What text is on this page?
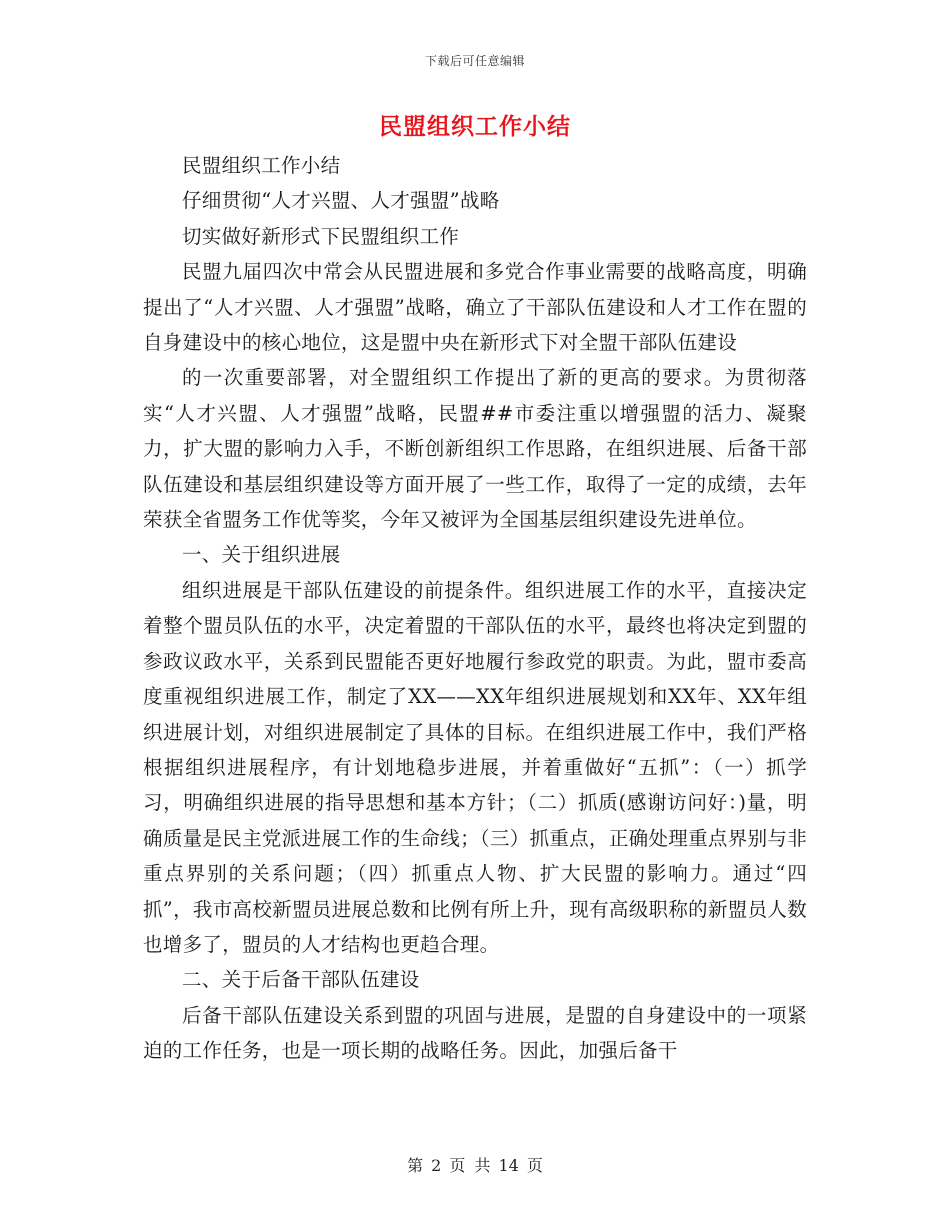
下载后可任意编辑
民盟组织工作小结

民盟组织工作小结

仔细贯彻“人才兴盟、人才强盟”战略

切实做好新形式下民盟组织工作

民盟九届四次中常会从民盟进展和多党合作事业需要的战略高度，明确提出了“人才兴盟、人才强盟”战略，确立了干部队伍建设和人才工作在盟的自身建设中的核心地位，这是盟中央在新形式下对全盟干部队伍建设

的一次重要部署，对全盟组织工作提出了新的更高的要求。为贯彻落实“人才兴盟、人才强盟”战略，民盟##市委注重以增强盟的活力、凝聚力，扩大盟的影响力入手，不断创新组织工作思路，在组织进展、后备干部队伍建设和基层组织建设等方面开展了一些工作，取得了一定的成绩，去年荣获全省盟务工作优等奖，今年又被评为全国基层组织建设先进单位。

一、关于组织进展

组织进展是干部队伍建设的前提条件。组织进展工作的水平，直接决定着整个盟员队伍的水平，决定着盟的干部队伍的水平，最终也将决定到盟的参政议政水平，关系到民盟能否更好地履行参政党的职责。为此，盟市委高度重视组织进展工作，制定了XX——XX年组织进展规划和XX年、XX年组织进展计划，对组织进展制定了具体的目标。在组织进展工作中，我们严格根据组织进展程序，有计划地稳步进展，并着重做好“五抓”：（一）抓学习，明确组织进展的指导思想和基本方针；（二）抓质(感谢访问好：)量，明确质量是民主党派进展工作的生命线；（三）抓重点，正确处理重点界别与非重点界别的关系问题；（四）抓重点人物、扩大民盟的影响力。通过“四抓”，我市高校新盟员进展总数和比例有所上升，现有高级职称的新盟员人数也增多了，盟员的人才结构也更趋合理。

二、关于后备干部队伍建设

后备干部队伍建设关系到盟的巩固与进展，是盟的自身建设中的一项紧迫的工作任务，也是一项长期的战略任务。因此，加强后备干

第 2 页 共 14 页
